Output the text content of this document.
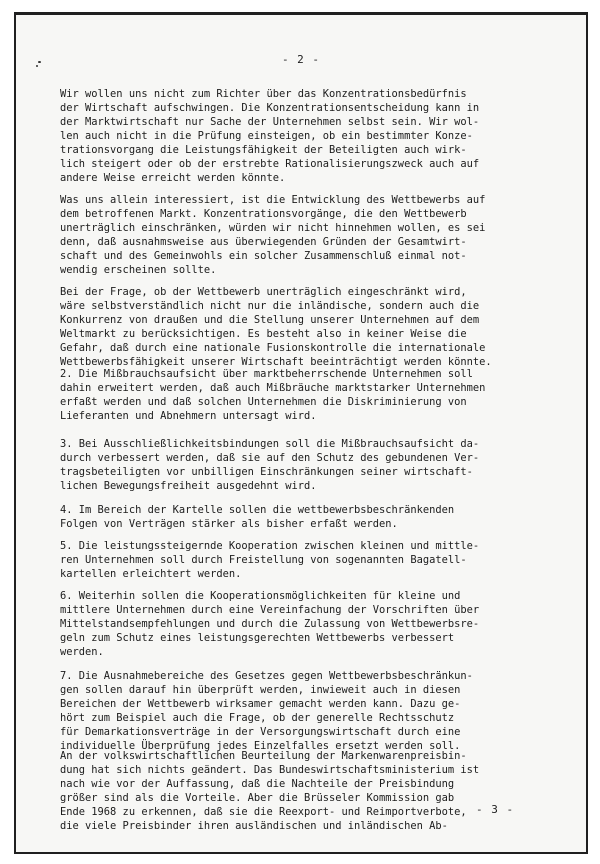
- 2 -

Wir wollen uns nicht zum Richter über das Konzentrationsbedürfnis
der Wirtschaft aufschwingen. Die Konzentrationsentscheidung kann in
der Marktwirtschaft nur Sache der Unternehmen selbst sein. Wir wol-
len auch nicht in die Prüfung einsteigen, ob ein bestimmter Konze-
trationsvorgang die Leistungsfähigkeit der Beteiligten auch wirk-
lich steigert oder ob der erstrebte Rationalisierungszweck auch auf
andere Weise erreicht werden könnte.

Was uns allein interessiert, ist die Entwicklung des Wettbewerbs auf
dem betroffenen Markt. Konzentrationsvorgänge, die den Wettbewerb
unerträglich einschränken, würden wir nicht hinnehmen wollen, es sei
denn, daß ausnahmsweise aus überwiegenden Gründen der Gesamtwirt-
schaft und des Gemeinwohls ein solcher Zusammenschluß einmal not-
wendig erscheinen sollte.

Bei der Frage, ob der Wettbewerb unerträglich eingeschränkt wird,
wäre selbstverständlich nicht nur die inländische, sondern auch die
Konkurrenz von draußen und die Stellung unserer Unternehmen auf dem
Weltmarkt zu berücksichtigen. Es besteht also in keiner Weise die
Gefahr, daß durch eine nationale Fusionskontrolle die internationale
Wettbewerbsfähigkeit unserer Wirtschaft beeinträchtigt werden könnte.

2. Die Mißbrauchsaufsicht über marktbeherrschende Unternehmen soll
dahin erweitert werden, daß auch Mißbräuche marktstarker Unternehmen
erfaßt werden und daß solchen Unternehmen die Diskriminierung von
Lieferanten und Abnehmern untersagt wird.

3. Bei Ausschließlichkeitsbindungen soll die Mißbrauchsaufsicht da-
durch verbessert werden, daß sie auf den Schutz des gebundenen Ver-
tragsbeteiligten vor unbilligen Einschränkungen seiner wirtschaft-
lichen Bewegungsfreiheit ausgedehnt wird.

4. Im Bereich der Kartelle sollen die wettbewerbsbeschränkenden
Folgen von Verträgen stärker als bisher erfaßt werden.

5. Die leistungssteigernde Kooperation zwischen kleinen und mittle-
ren Unternehmen soll durch Freistellung von sogenannten Bagatell-
kartellen erleichtert werden.

6. Weiterhin sollen die Kooperationsmöglichkeiten für kleine und
mittlere Unternehmen durch eine Vereinfachung der Vorschriften über
Mittelstandsempfehlungen und durch die Zulassung von Wettbewerbsre-
geln zum Schutz eines leistungsgerechten Wettbewerbs verbessert
werden.

7. Die Ausnahmebereiche des Gesetzes gegen Wettbewerbsbeschränkun-
gen sollen darauf hin überprüft werden, inwieweit auch in diesen
Bereichen der Wettbewerb wirksamer gemacht werden kann. Dazu ge-
hört zum Beispiel auch die Frage, ob der generelle Rechtsschutz
für Demarkationsverträge in der Versorgungswirtschaft durch eine
individuelle Überprüfung jedes Einzelfalles ersetzt werden soll.

An der volkswirtschaftlichen Beurteilung der Markenwarenpreisbin-
dung hat sich nichts geändert. Das Bundeswirtschaftsministerium ist
nach wie vor der Auffassung, daß die Nachteile der Preisbindung
größer sind als die Vorteile. Aber die Brüsseler Kommission gab
Ende 1968 zu erkennen, daß sie die Reexport- und Reimportverbote,
die viele Preisbinder ihren ausländischen und inländischen Ab-

- 3 -
